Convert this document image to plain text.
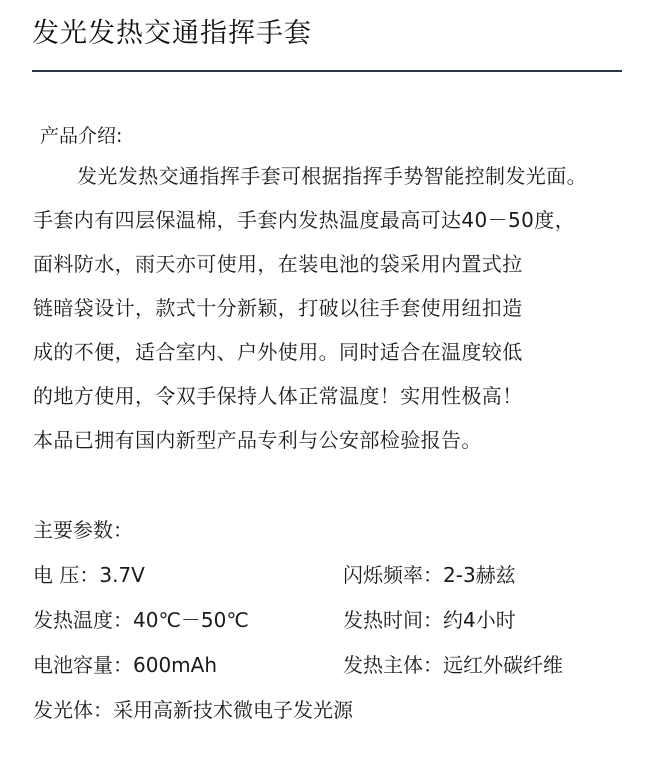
发光发热交通指挥手套
产品介绍:
发光发热交通指挥手套可根据指挥手势智能控制发光面。
手套内有四层保温棉，手套内发热温度最高可达40－50度，
面料防水，雨天亦可使用，在装电池的袋采用内置式拉
链暗袋设计，款式十分新颖，打破以往手套使用纽扣造
成的不便，适合室内、户外使用。同时适合在温度较低
的地方使用，令双手保持人体正常温度！实用性极高！
本品已拥有国内新型产品专利与公安部检验报告。
主要参数：
电 压：3.7V	闪烁频率：2-3赫兹
发热温度：40℃－50℃	发热时间：约4小时
电池容量：600mAh	发热主体：远红外碳纤维
发光体：采用高新技术微电子发光源
